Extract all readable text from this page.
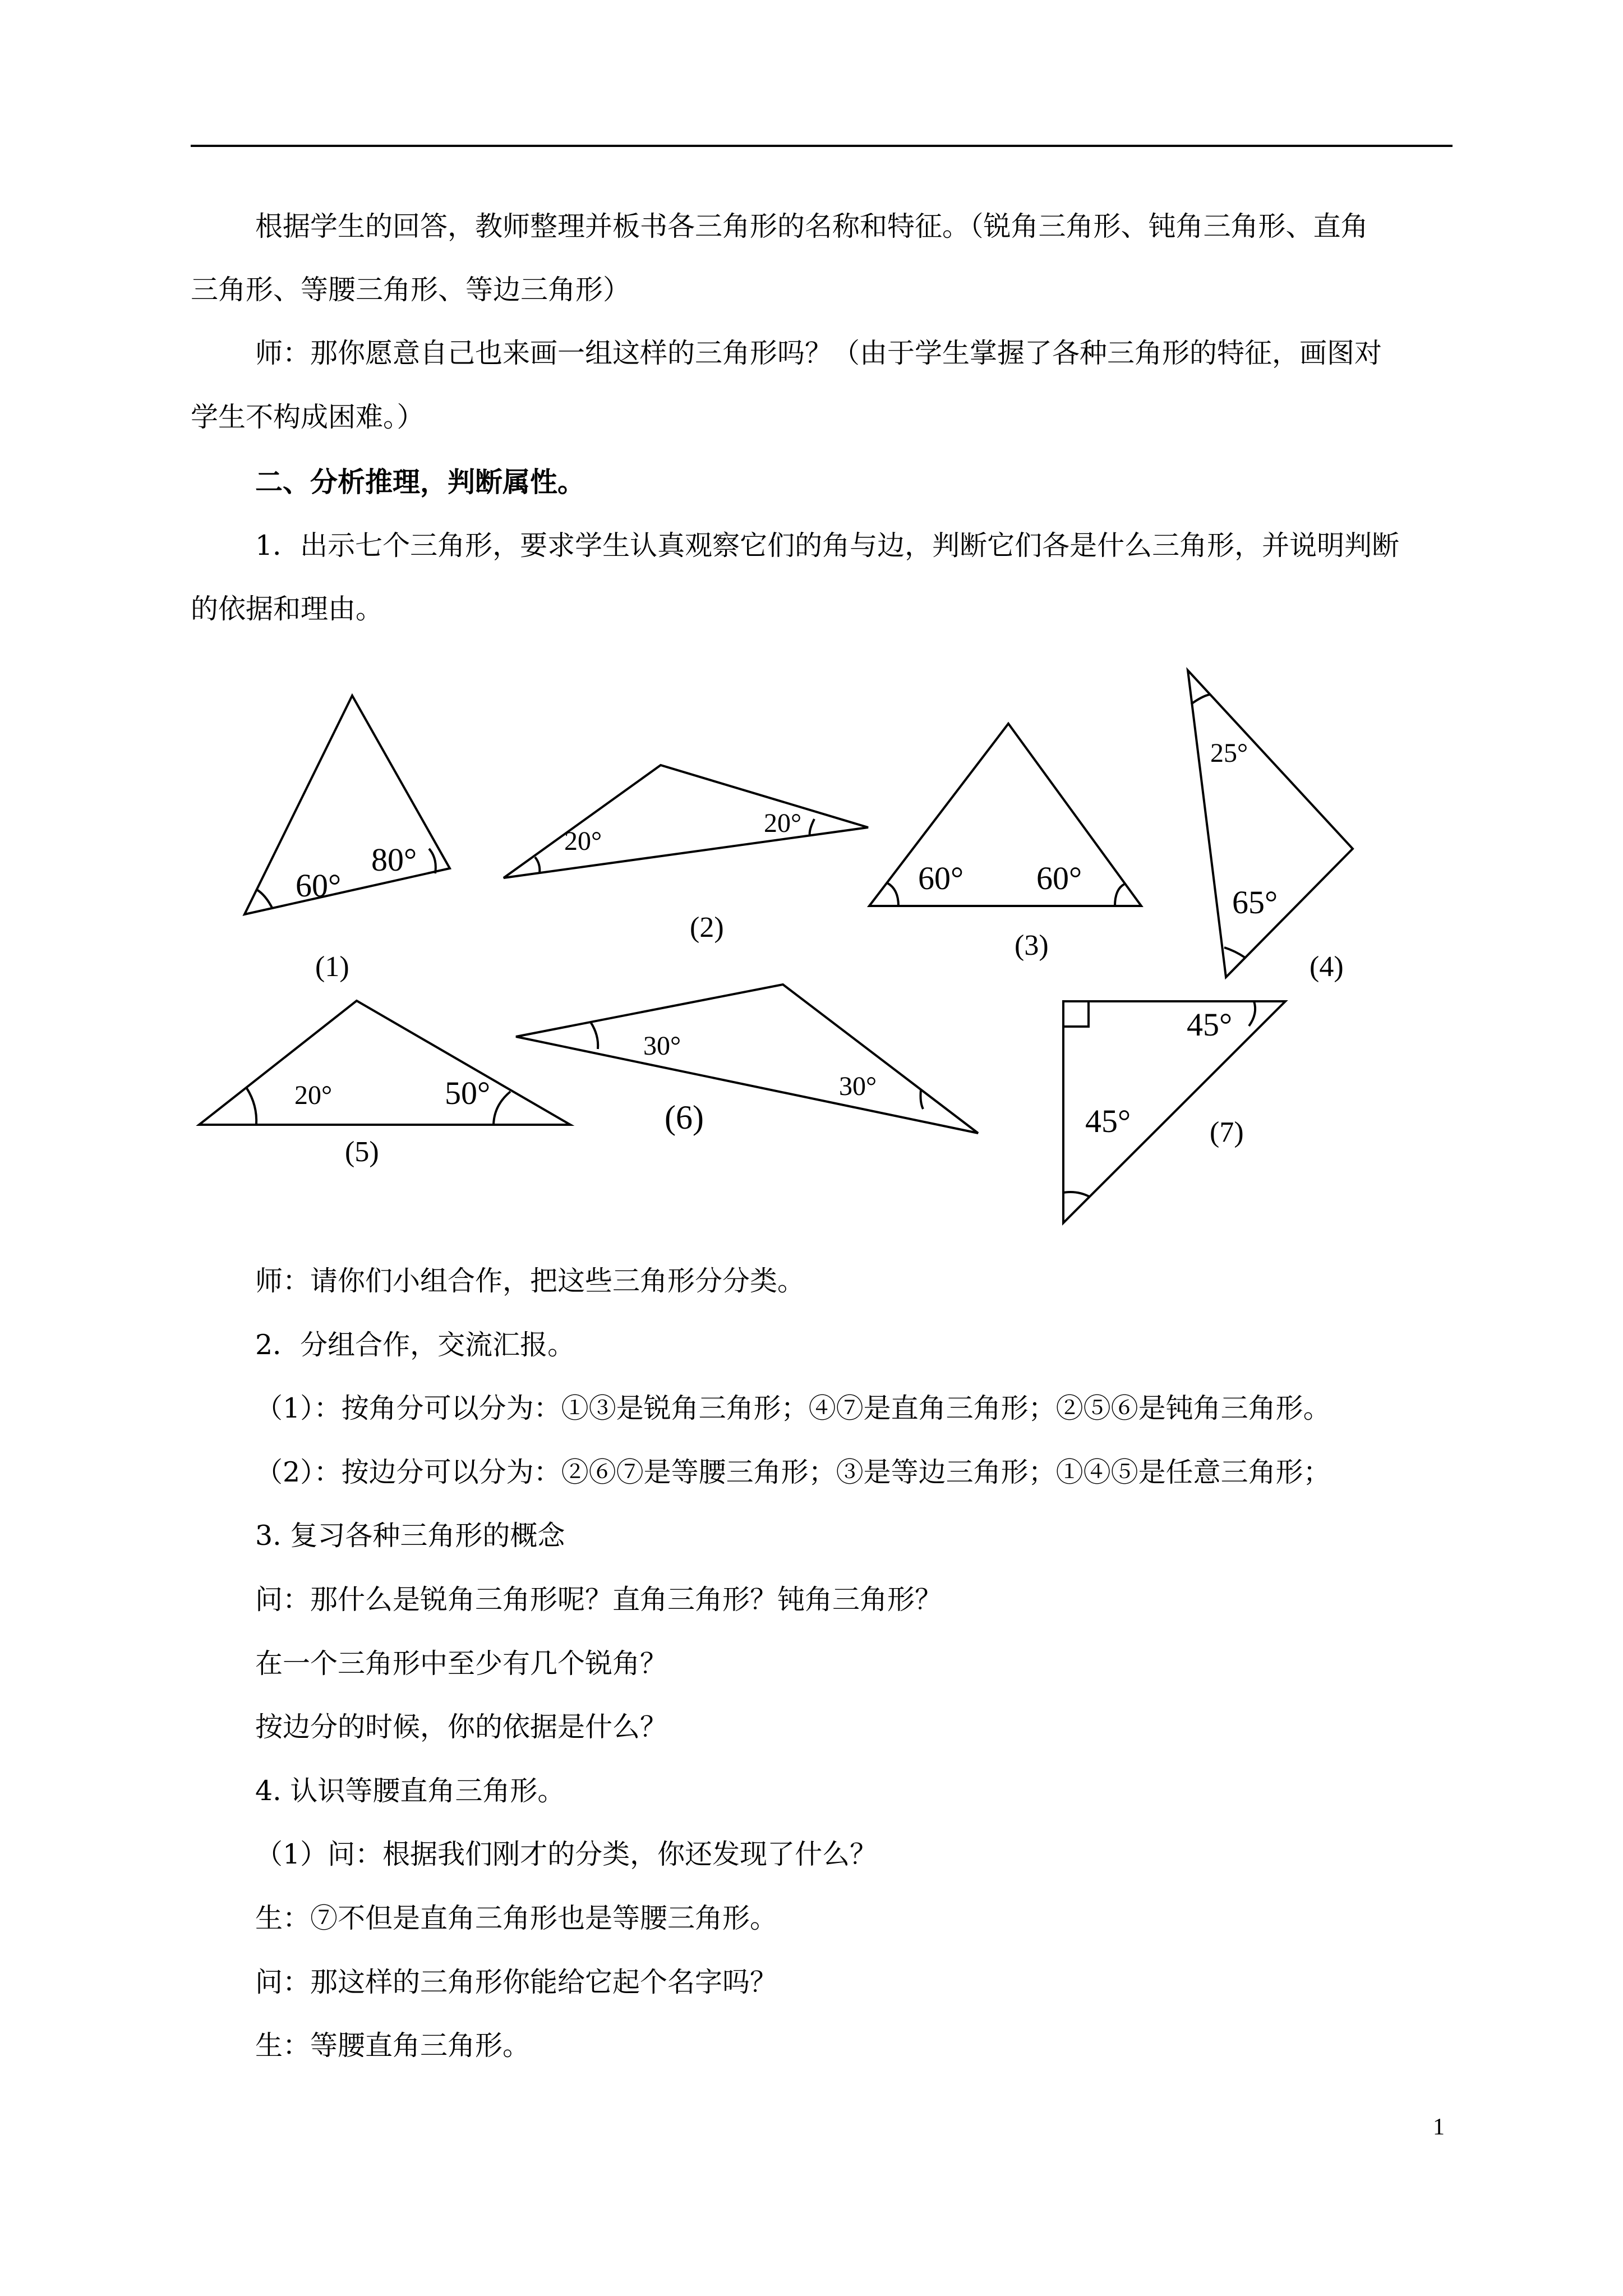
根据学生的回答，教师整理并板书各三角形的名称和特征。（锐角三角形、钝角三角形、直角
三角形、等腰三角形、等边三角形）
师：那你愿意自己也来画一组这样的三角形吗？（由于学生掌握了各种三角形的特征，画图对
学生不构成困难。）
二、分析推理，判断属性。
1．出示七个三角形，要求学生认真观察它们的角与边，判断它们各是什么三角形，并说明判断
的依据和理由。
60°
80°
20°
20°
60° 60°
25°
65°
20°	50°
30°
30°
45°
45°
(1)
(2)
(3)
(4)
(5)
(6)	(7)
师：请你们小组合作，把这些三角形分分类。
2．分组合作，交流汇报。
（1）：按角分可以分为：①③是锐角三角形；④⑦是直角三角形；②⑤⑥是钝角三角形。
（2）：按边分可以分为：②⑥⑦是等腰三角形；③是等边三角形；①④⑤是任意三角形；
3. 复习各种三角形的概念
问：那什么是锐角三角形呢？直角三角形？钝角三角形？
在一个三角形中至少有几个锐角？
按边分的时候，你的依据是什么？
4. 认识等腰直角三角形。
（1）问：根据我们刚才的分类，你还发现了什么？
生：⑦不但是直角三角形也是等腰三角形。
问：那这样的三角形你能给它起个名字吗？
生：等腰直角三角形。
1
